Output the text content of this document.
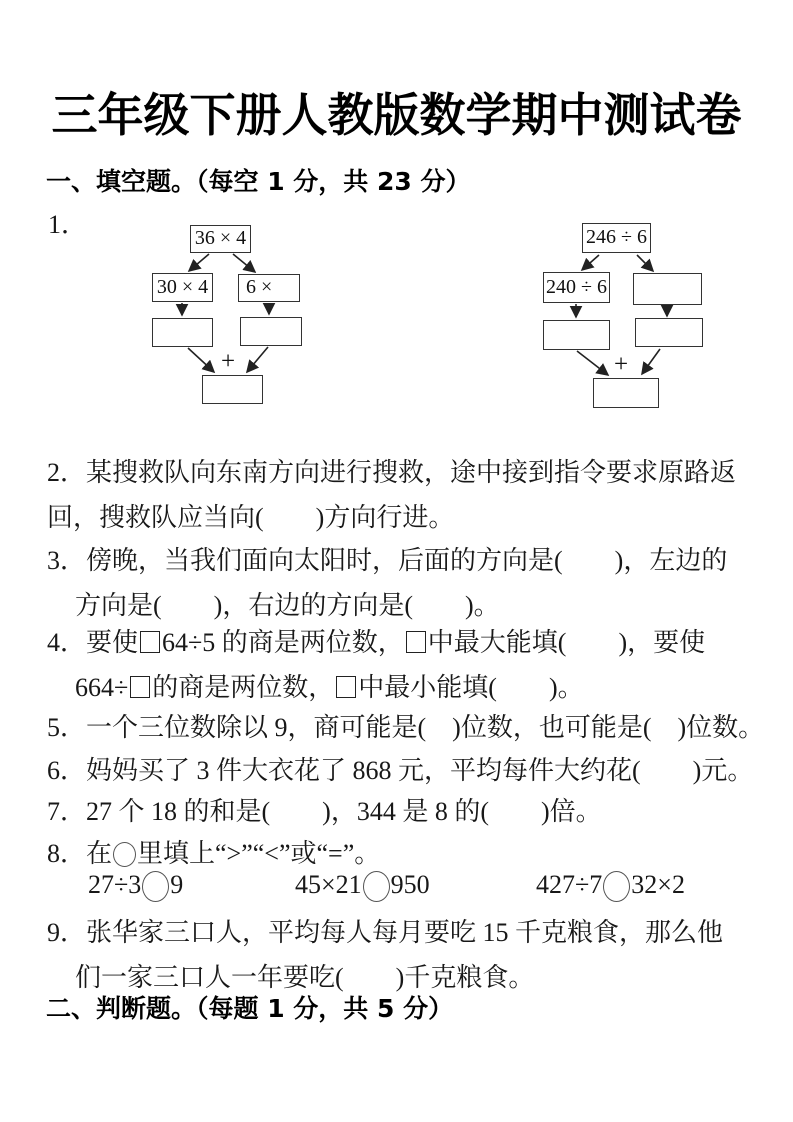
三年级下册人教版数学期中测试卷
一、填空题。（每空 1 分，共 23 分）
1．	36 × 4
30 × 4	6 ×
+
246 ÷ 6
240 ÷ 6
+
2．某搜救队向东南方向进行搜救，途中接到指令要求原路返
回，搜救队应当向(　　)方向行进。
3．傍晚，当我们面向太阳时，后面的方向是(　　)，左边的
方向是(　　)，右边的方向是(　　)。
4．要使 64÷5 的商是两位数， 中最大能填(　　)，要使
664÷ 的商是两位数， 中最小能填(　　)。
5．一个三位数除以 9，商可能是(　)位数，也可能是(　)位数。
6．妈妈买了 3 件大衣花了 868 元，平均每件大约花(　　)元。
7．27 个 18 的和是(　　)，344 是 8 的(　　)倍。
8．在 里填上“>”“<”或“=”。
27÷3 9	45×21 950	427÷7 32×2
9．张华家三口人，平均每人每月要吃 15 千克粮食，那么他
们一家三口人一年要吃(　　)千克粮食。
二、判断题。（每题 1 分，共 5 分）
